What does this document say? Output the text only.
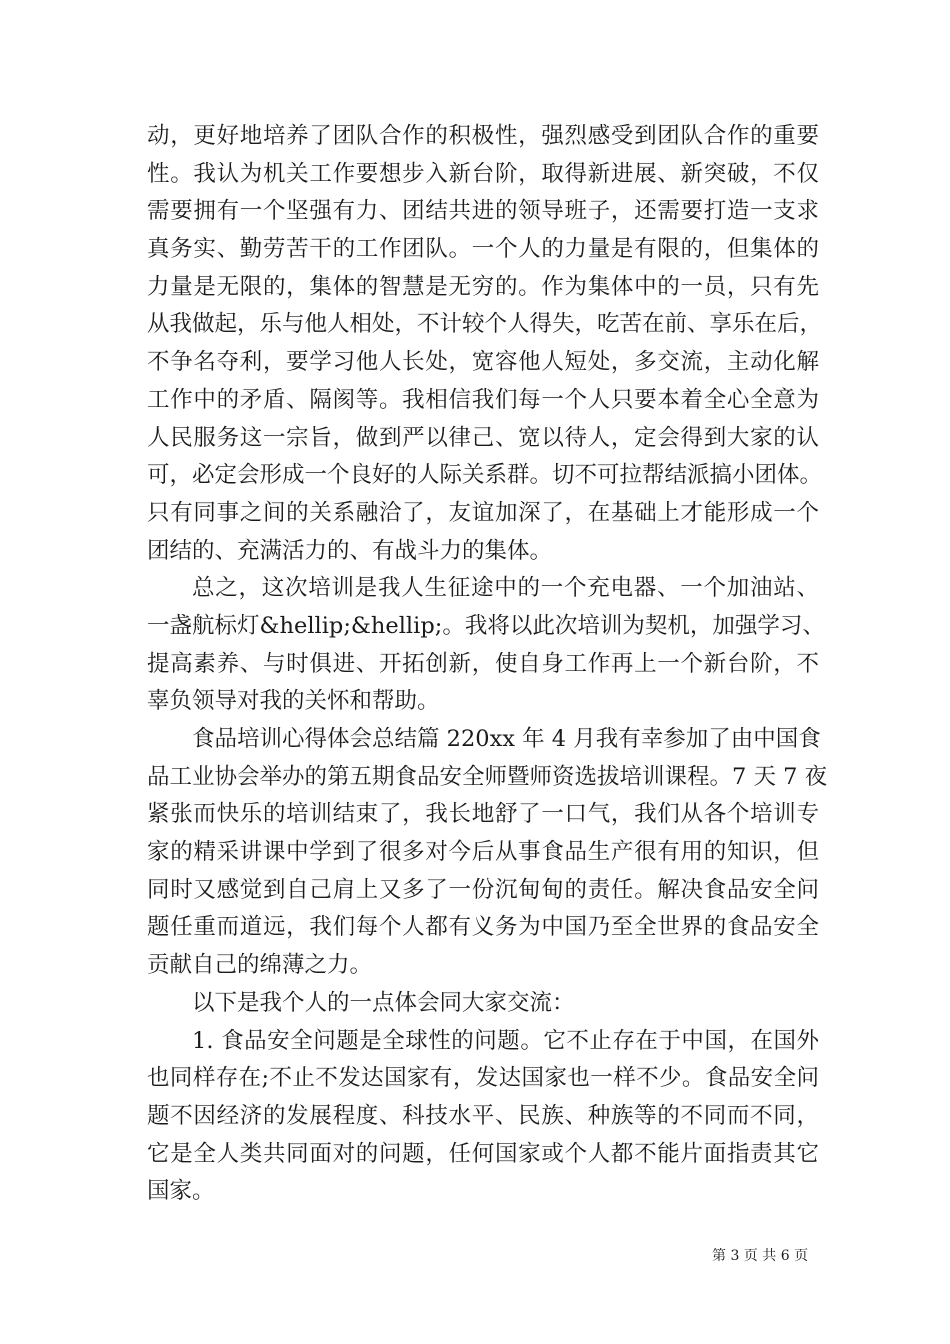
动，更好地培养了团队合作的积极性，强烈感受到团队合作的重要
性。我认为机关工作要想步入新台阶，取得新进展、新突破，不仅
需要拥有一个坚强有力、团结共进的领导班子，还需要打造一支求
真务实、勤劳苦干的工作团队。一个人的力量是有限的，但集体的
力量是无限的，集体的智慧是无穷的。作为集体中的一员，只有先
从我做起，乐与他人相处，不计较个人得失，吃苦在前、享乐在后，
不争名夺利，要学习他人长处，宽容他人短处，多交流，主动化解
工作中的矛盾、隔阂等。我相信我们每一个人只要本着全心全意为
人民服务这一宗旨，做到严以律己、宽以待人，定会得到大家的认
可，必定会形成一个良好的人际关系群。切不可拉帮结派搞小团体。
只有同事之间的关系融洽了，友谊加深了，在基础上才能形成一个
团结的、充满活力的、有战斗力的集体。
总之，这次培训是我人生征途中的一个充电器、一个加油站、
一盏航标灯&hellip;&hellip;。我将以此次培训为契机，加强学习、
提高素养、与时俱进、开拓创新，使自身工作再上一个新台阶，不
辜负领导对我的关怀和帮助。
食品培训心得体会总结篇 220xx 年 4 月我有幸参加了由中国食
品工业协会举办的第五期食品安全师暨师资选拔培训课程。7 天 7 夜
紧张而快乐的培训结束了，我长地舒了一口气，我们从各个培训专
家的精采讲课中学到了很多对今后从事食品生产很有用的知识，但
同时又感觉到自己肩上又多了一份沉甸甸的责任。解决食品安全问
题任重而道远，我们每个人都有义务为中国乃至全世界的食品安全
贡献自己的绵薄之力。
以下是我个人的一点体会同大家交流：
1. 食品安全问题是全球性的问题。它不止存在于中国，在国外
也同样存在;不止不发达国家有，发达国家也一样不少。食品安全问
题不因经济的发展程度、科技水平、民族、种族等的不同而不同，
它是全人类共同面对的问题，任何国家或个人都不能片面指责其它
国家。
第 3 页 共 6 页
